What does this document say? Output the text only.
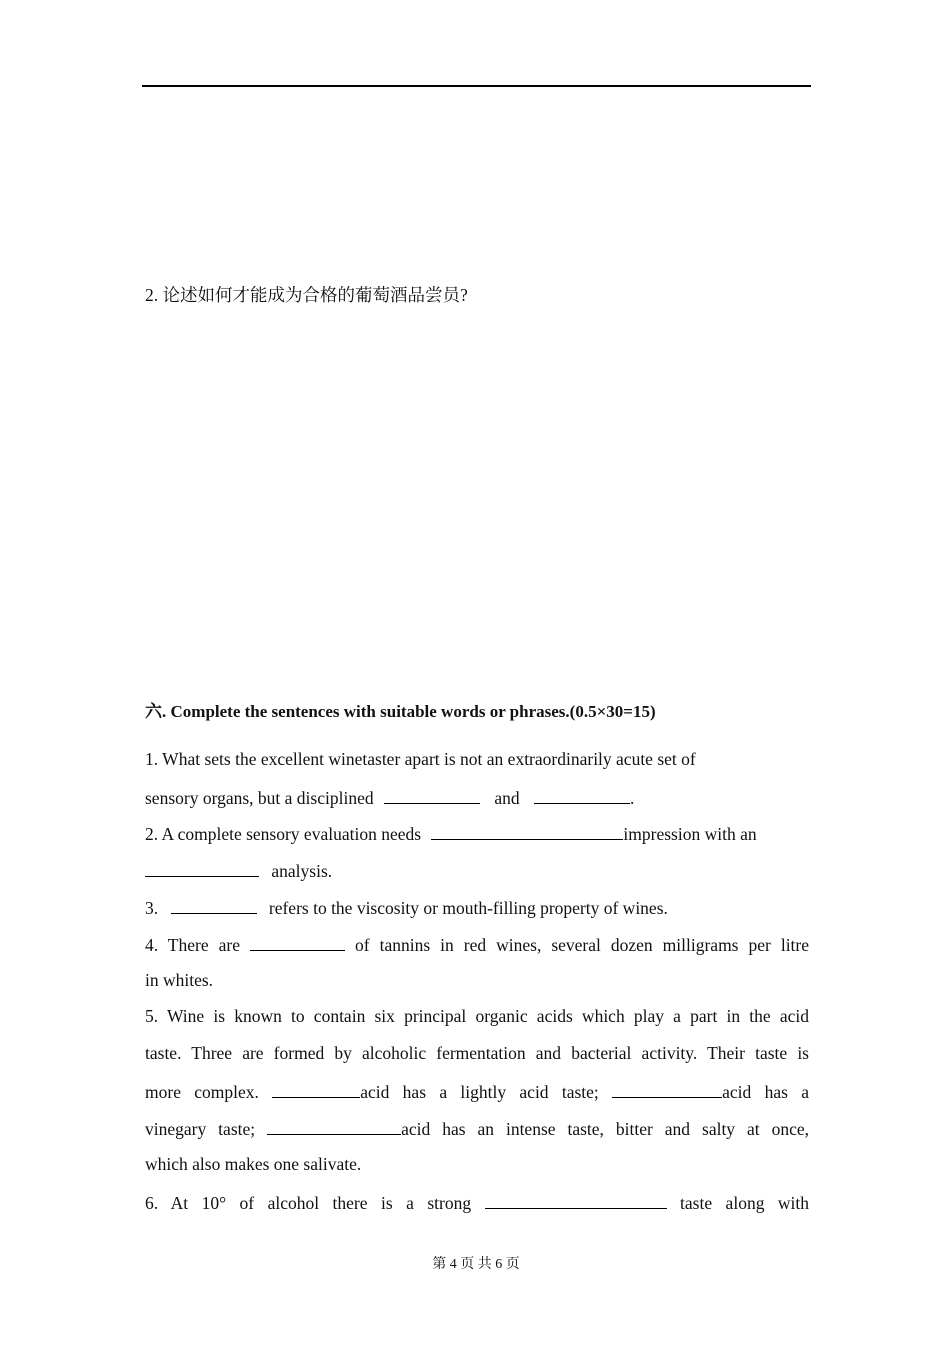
2. 论述如何才能成为合格的葡萄酒品尝员?
六. Complete the sentences with suitable words or phrases.(0.5×30=15)
1. What sets the excellent winetaster apart is not an extraordinarily acute set of
sensory organs, but a disciplined	and	.
2. A complete sensory evaluation needs	impression with an
analysis.
3.	refers to the viscosity or mouth-filling property of wines.
4. There are	of tannins in red wines, several dozen milligrams per litre
in whites.
5. Wine is known to contain six principal organic acids which play a part in the acid
taste. Three are formed by alcoholic fermentation and bacterial activity. Their taste is
more complex.	acid has a lightly acid taste;	acid has a
vinegary taste;	acid has an intense taste, bitter and salty at once,
which also makes one salivate.
6. At 10° of alcohol there is a strong	taste along with
第 4 页 共 6 页
